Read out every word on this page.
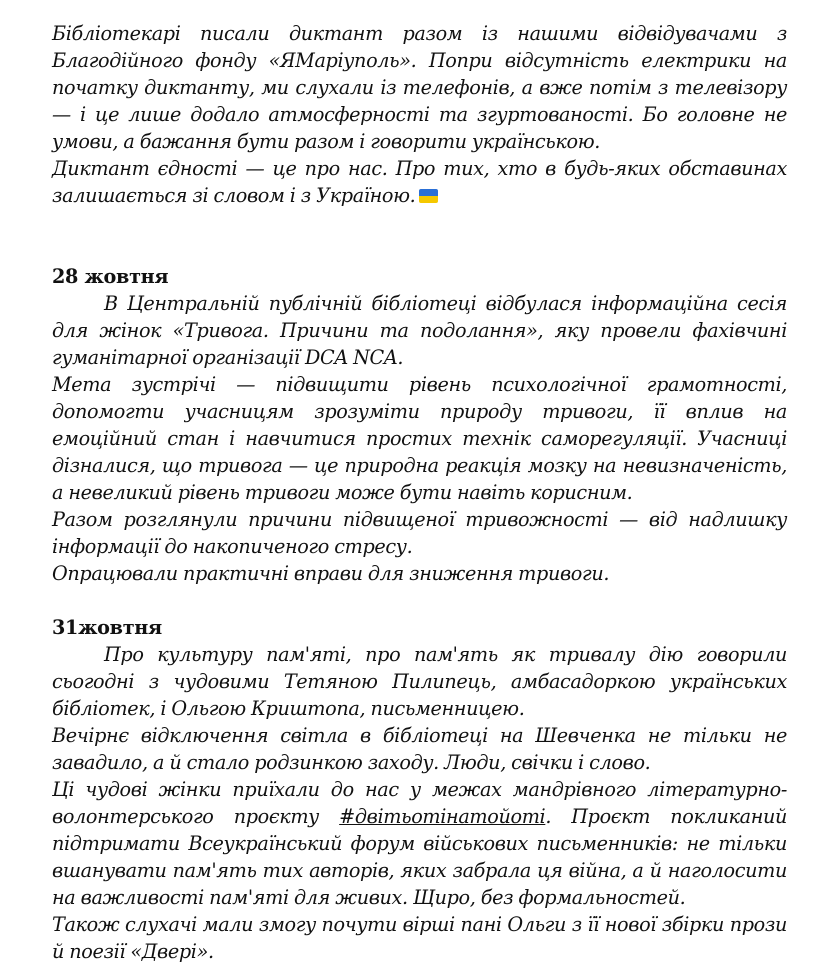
Бібліотекарі писали диктант разом із нашими відвідувачами з Благодійного фонду «ЯМаріуполь». Попри відсутність електрики на початку диктанту, ми слухали із телефонів, а вже потім з телевізору — і це лише додало атмосферності та згуртованості. Бо головне не умови, а бажання бути разом і говорити українською.

Диктант єдності — це про нас. Про тих, хто в будь-яких обставинах залишається зі словом і з Україною.

28 жовтня

В Центральній публічній бібліотеці відбулася інформаційна сесія для жінок «Тривога. Причини та подолання», яку провели фахівчині гуманітарної організації DCA NCA.

Мета зустрічі — підвищити рівень психологічної грамотності, допомогти учасницям зрозуміти природу тривоги, її вплив на емоційний стан і навчитися простих технік саморегуляції. Учасниці дізналися, що тривога — це природна реакція мозку на невизначеність, а невеликий рівень тривоги може бути навіть корисним.

Разом розглянули причини підвищеної тривожності — від надлишку інформації до накопиченого стресу.

Опрацювали практичні вправи для зниження тривоги.

31жовтня

Про культуру пам'яті, про пам'ять як тривалу дію говорили сьогодні з чудовими Тетяною Пилипець, амбасадоркою українських бібліотек, і Ольгою Криштопа, письменницею.

Вечірнє відключення світла в бібліотеці на Шевченка не тільки не завадило, а й стало родзинкою заходу. Люди, свічки і слово.

Ці чудові жінки приїхали до нас у межах мандрівного літературно-волонтерського проєкту #двітьотінатойоті. Проєкт покликаний підтримати Всеукраїнський форум військових письменників: не тільки вшанувати пам'ять тих авторів, яких забрала ця війна, а й наголосити на важливості пам'яті для живих. Щиро, без формальностей.

Також слухачі мали змогу почути вірші пані Ольги з її нової збірки прози й поезії «Двері».
